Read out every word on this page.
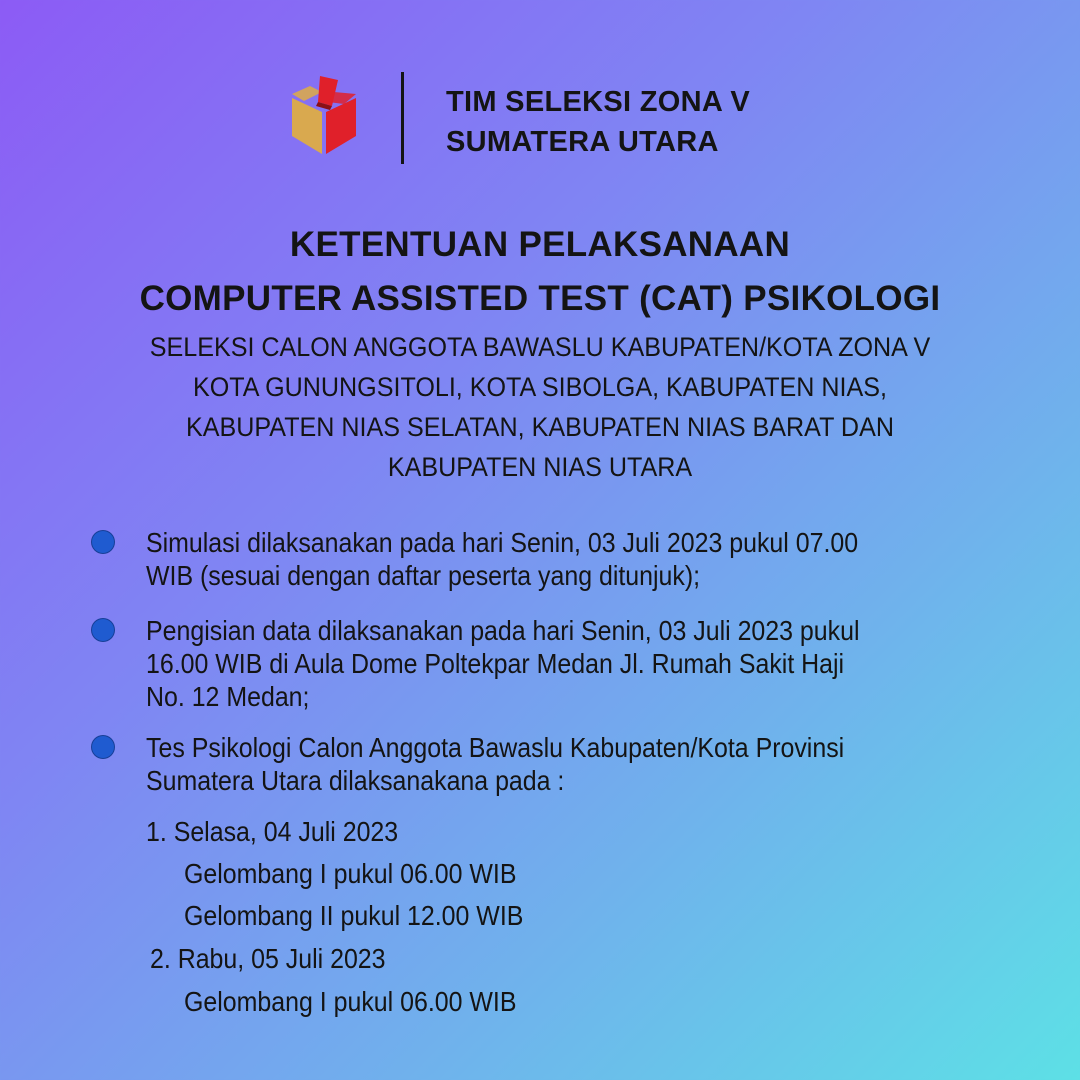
TIM SELEKSI ZONA V
SUMATERA UTARA
KETENTUAN PELAKSANAAN
COMPUTER ASSISTED TEST (CAT) PSIKOLOGI
SELEKSI CALON ANGGOTA BAWASLU KABUPATEN/KOTA ZONA V
KOTA GUNUNGSITOLI, KOTA SIBOLGA, KABUPATEN NIAS,
KABUPATEN NIAS SELATAN, KABUPATEN NIAS BARAT DAN
KABUPATEN NIAS UTARA
Simulasi dilaksanakan pada hari Senin, 03 Juli 2023 pukul 07.00
WIB (sesuai dengan daftar peserta yang ditunjuk);
Pengisian data dilaksanakan pada hari Senin, 03 Juli 2023 pukul
16.00 WIB di Aula Dome Poltekpar Medan Jl. Rumah Sakit Haji
No. 12 Medan;
Tes Psikologi Calon Anggota Bawaslu Kabupaten/Kota Provinsi
Sumatera Utara dilaksanakana pada :
1. Selasa, 04 Juli 2023
Gelombang I pukul 06.00 WIB
Gelombang II pukul 12.00 WIB
2. Rabu, 05 Juli 2023
Gelombang I pukul 06.00 WIB
